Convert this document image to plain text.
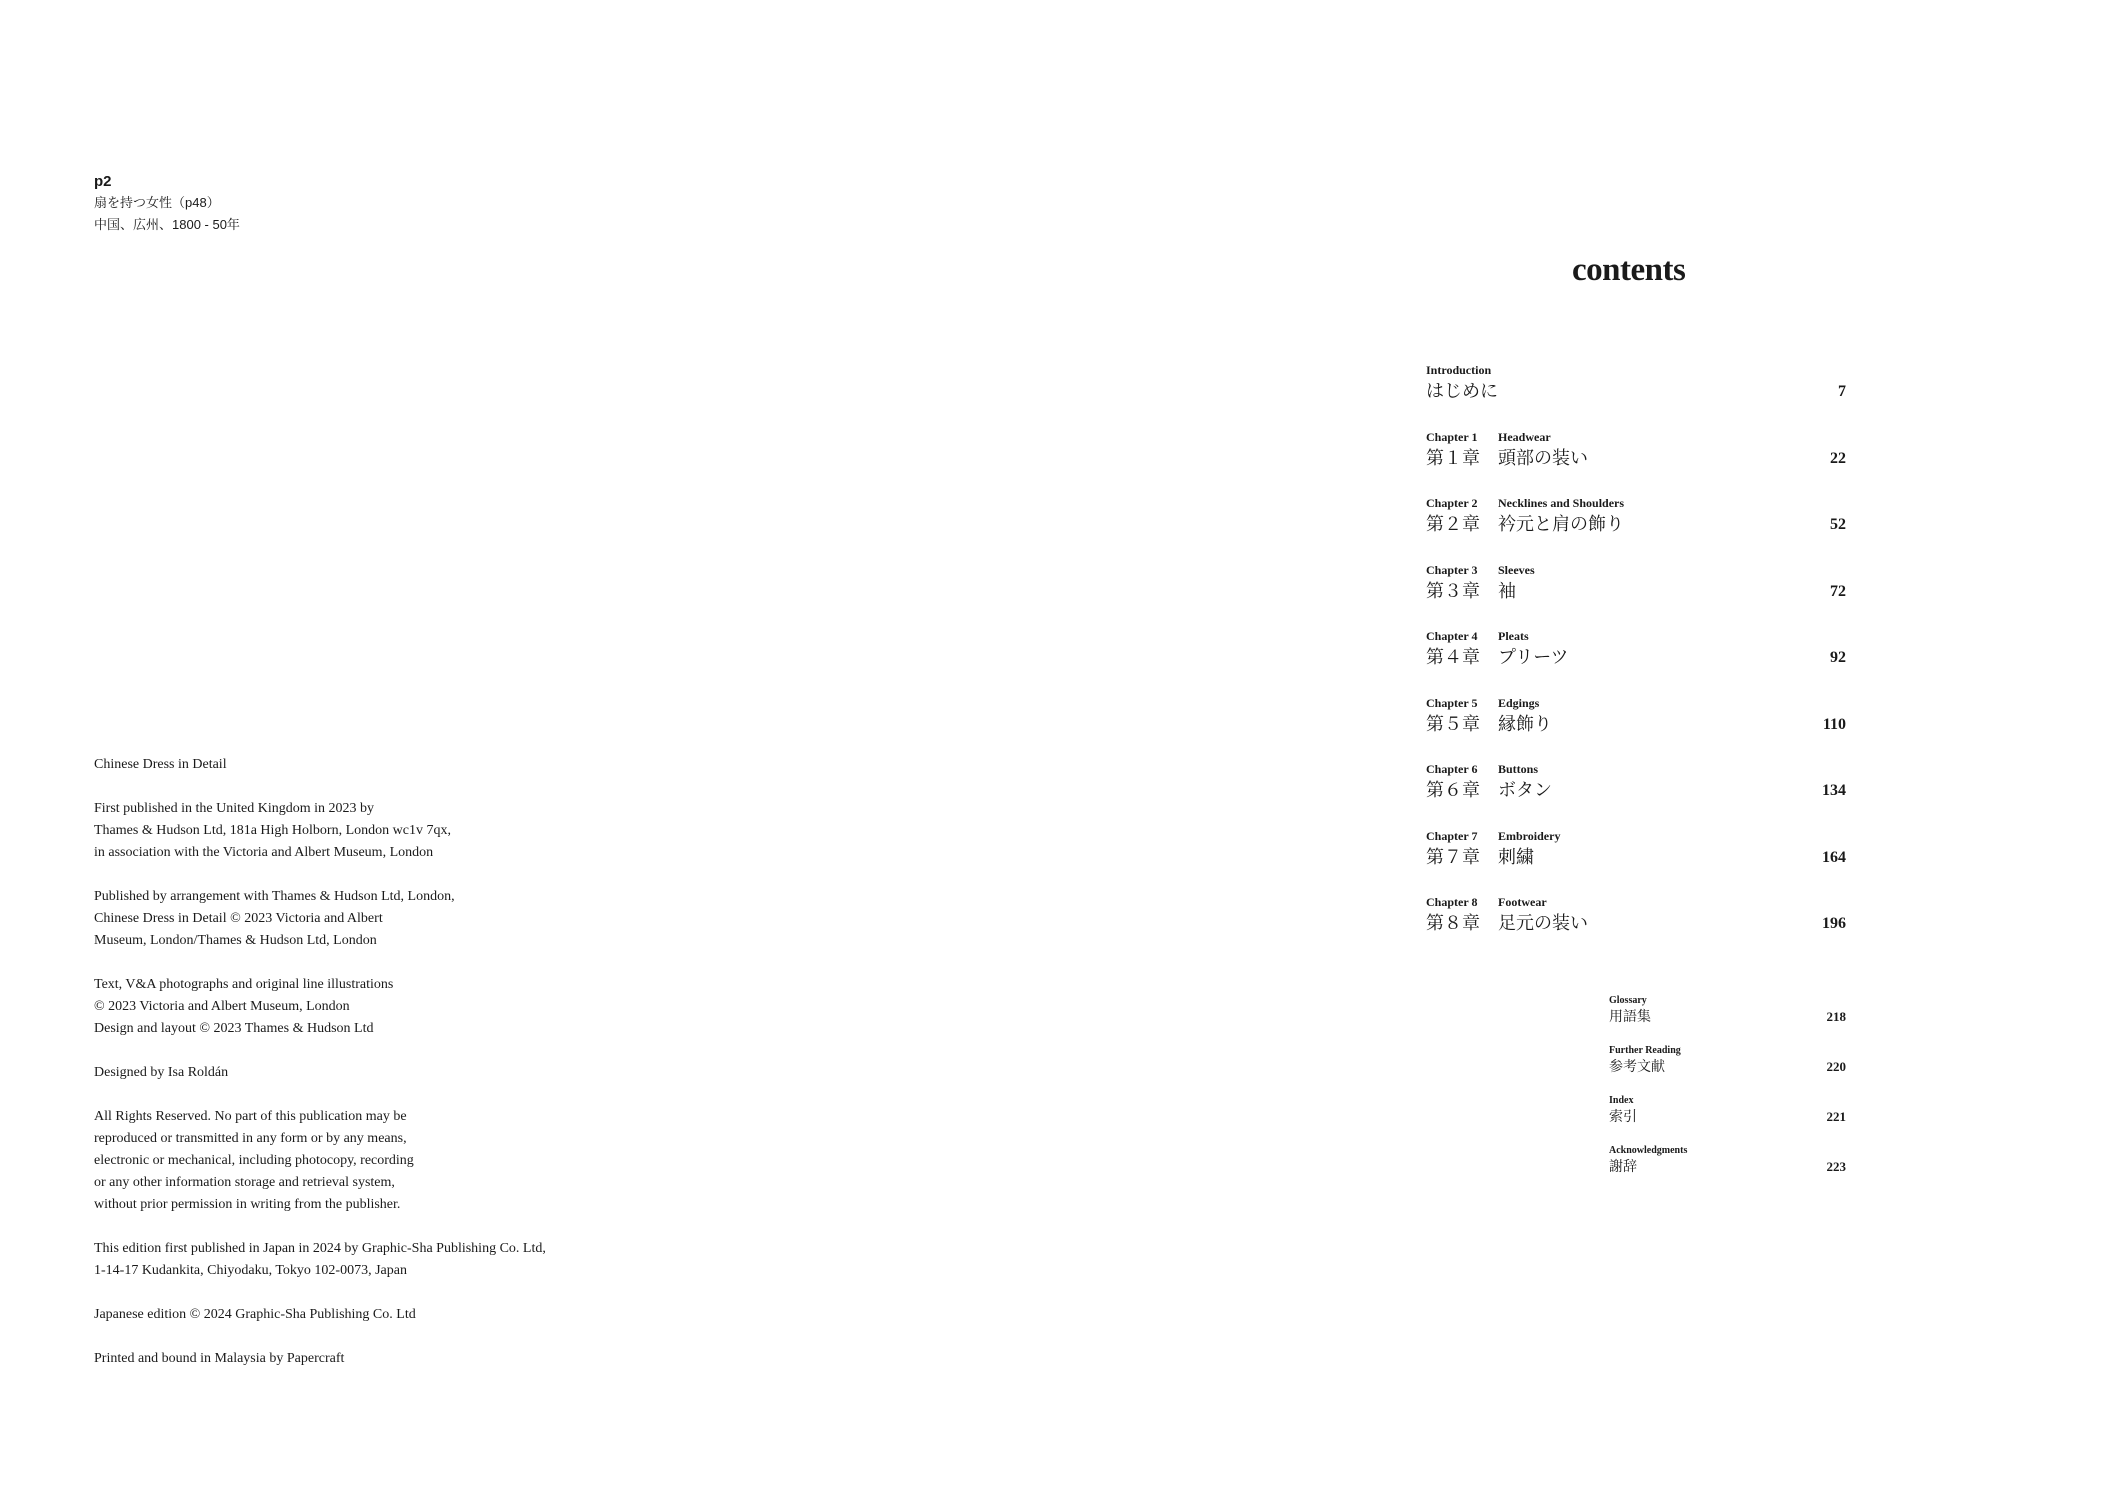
p2
扇を持つ女性（p48）
中国、広州、1800 - 50年
Chinese Dress in Detail
First published in the United Kingdom in 2023 by
Thames & Hudson Ltd, 181a High Holborn, London wc1v 7qx,
in association with the Victoria and Albert Museum, London
Published by arrangement with Thames & Hudson Ltd, London,
Chinese Dress in Detail © 2023 Victoria and Albert
Museum, London/Thames & Hudson Ltd, London
Text, V&A photographs and original line illustrations
© 2023 Victoria and Albert Museum, London
Design and layout © 2023 Thames & Hudson Ltd
Designed by Isa Roldán
All Rights Reserved. No part of this publication may be
reproduced or transmitted in any form or by any means,
electronic or mechanical, including photocopy, recording
or any other information storage and retrieval system,
without prior permission in writing from the publisher.
This edition first published in Japan in 2024 by Graphic-Sha Publishing Co. Ltd,
1-14-17 Kudankita, Chiyodaku, Tokyo 102-0073, Japan
Japanese edition © 2024 Graphic-Sha Publishing Co. Ltd
Printed and bound in Malaysia by Papercraft
contents
Introduction
はじめに	7
Chapter 1 Headwear
第１章 頭部の装い	22
Chapter 2 Necklines and Shoulders
第２章 衿元と肩の飾り	52
Chapter 3 Sleeves
第３章 袖	72
Chapter 4 Pleats
第４章 プリーツ	92
Chapter 5 Edgings
第５章 縁飾り	110
Chapter 6 Buttons
第６章 ボタン	134
Chapter 7 Embroidery
第７章 刺繍	164
Chapter 8 Footwear
第８章 足元の装い	196
Glossary
用語集	218
Further Reading
参考文献	220
Index
索引	221
Acknowledgments
謝辞	223
